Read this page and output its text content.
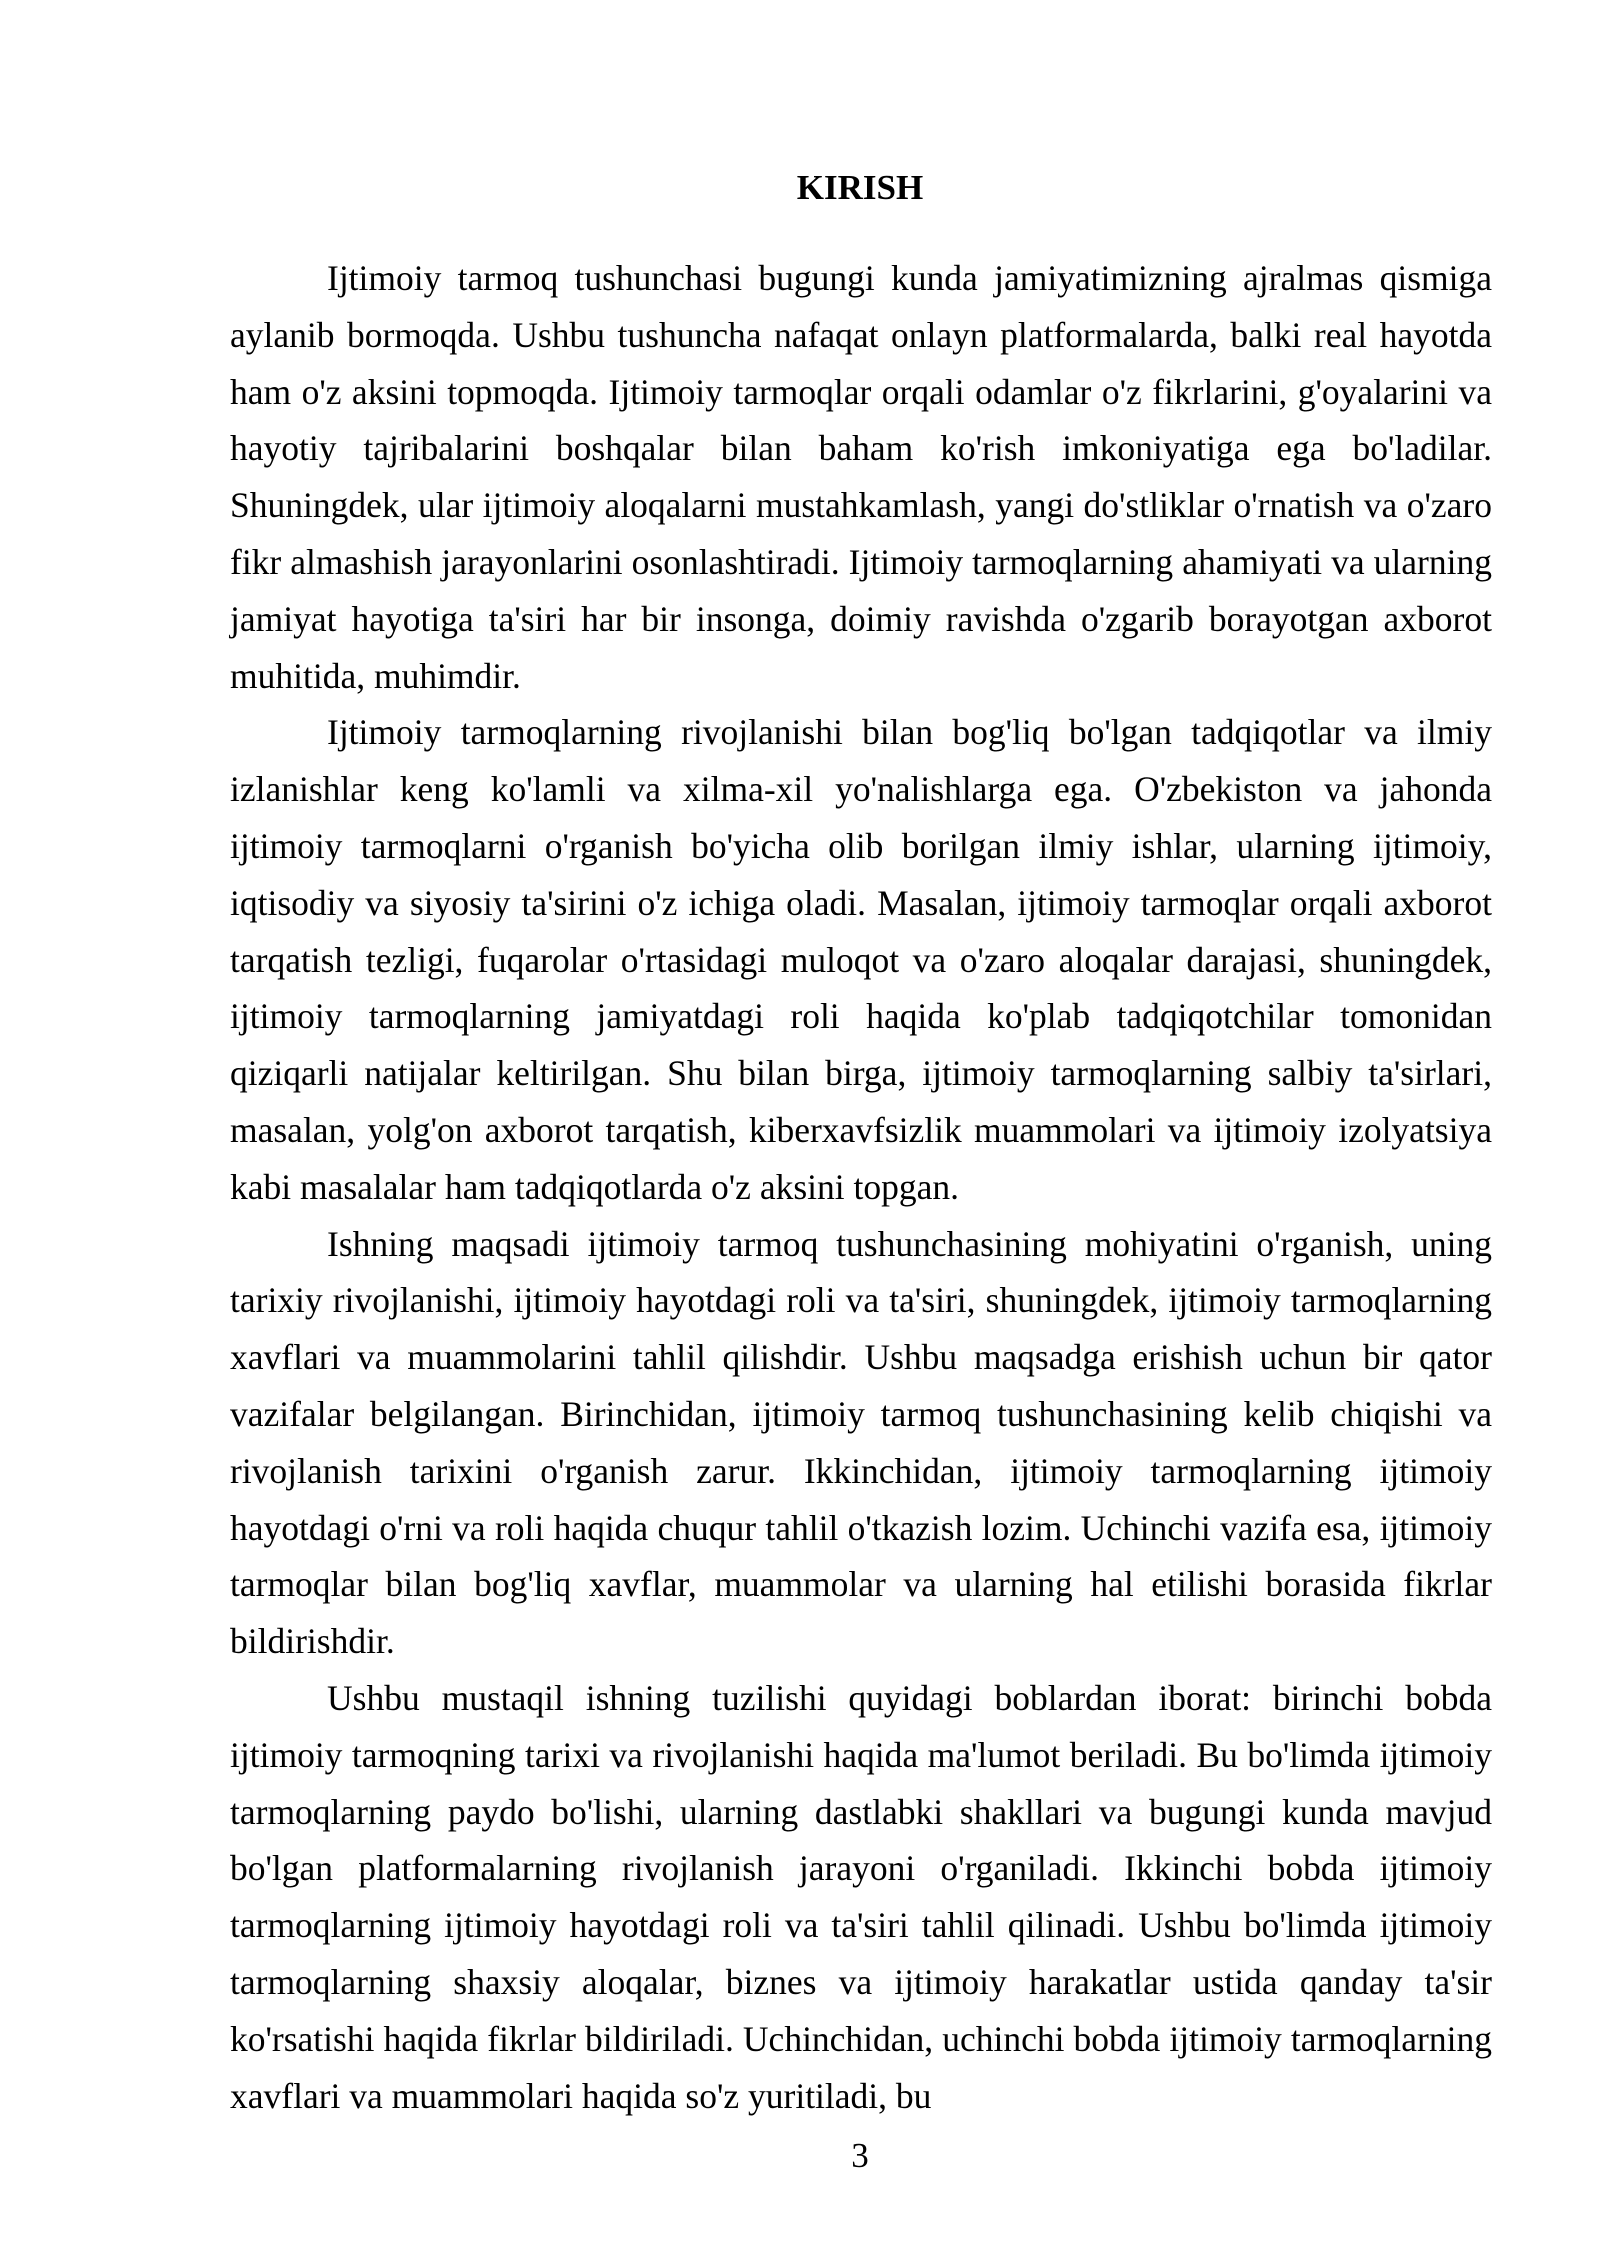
KIRISH

Ijtimoiy tarmoq tushunchasi bugungi kunda jamiyatimizning ajralmas qismiga aylanib bormoqda. Ushbu tushuncha nafaqat onlayn platformalarda, balki real hayotda ham o'z aksini topmoqda. Ijtimoiy tarmoqlar orqali odamlar o'z fikrlarini, g'oyalarini va hayotiy tajribalarini boshqalar bilan baham ko'rish imkoniyatiga ega bo'ladilar. Shuningdek, ular ijtimoiy aloqalarni mustahkamlash, yangi do'stliklar o'rnatish va o'zaro fikr almashish jarayonlarini osonlashtiradi. Ijtimoiy tarmoqlarning ahamiyati va ularning jamiyat hayotiga ta'siri har bir insonga, doimiy ravishda o'zgarib borayotgan axborot muhitida, muhimdir.

Ijtimoiy tarmoqlarning rivojlanishi bilan bog'liq bo'lgan tadqiqotlar va ilmiy izlanishlar keng ko'lamli va xilma-xil yo'nalishlarga ega. O'zbekiston va jahonda ijtimoiy tarmoqlarni o'rganish bo'yicha olib borilgan ilmiy ishlar, ularning ijtimoiy, iqtisodiy va siyosiy ta'sirini o'z ichiga oladi. Masalan, ijtimoiy tarmoqlar orqali axborot tarqatish tezligi, fuqarolar o'rtasidagi muloqot va o'zaro aloqalar darajasi, shuningdek, ijtimoiy tarmoqlarning jamiyatdagi roli haqida ko'plab tadqiqotchilar tomonidan qiziqarli natijalar keltirilgan. Shu bilan birga, ijtimoiy tarmoqlarning salbiy ta'sirlari, masalan, yolg'on axborot tarqatish, kiberxavfsizlik muammolari va ijtimoiy izolyatsiya kabi masalalar ham tadqiqotlarda o'z aksini topgan.

Ishning maqsadi ijtimoiy tarmoq tushunchasining mohiyatini o'rganish, uning tarixiy rivojlanishi, ijtimoiy hayotdagi roli va ta'siri, shuningdek, ijtimoiy tarmoqlarning xavflari va muammolarini tahlil qilishdir. Ushbu maqsadga erishish uchun bir qator vazifalar belgilangan. Birinchidan, ijtimoiy tarmoq tushunchasining kelib chiqishi va rivojlanish tarixini o'rganish zarur. Ikkinchidan, ijtimoiy tarmoqlarning ijtimoiy hayotdagi o'rni va roli haqida chuqur tahlil o'tkazish lozim. Uchinchi vazifa esa, ijtimoiy tarmoqlar bilan bog'liq xavflar, muammolar va ularning hal etilishi borasida fikrlar bildirishdir.

Ushbu mustaqil ishning tuzilishi quyidagi boblardan iborat: birinchi bobda ijtimoiy tarmoqning tarixi va rivojlanishi haqida ma'lumot beriladi. Bu bo'limda ijtimoiy tarmoqlarning paydo bo'lishi, ularning dastlabki shakllari va bugungi kunda mavjud bo'lgan platformalarning rivojlanish jarayoni o'rganiladi. Ikkinchi bobda ijtimoiy tarmoqlarning ijtimoiy hayotdagi roli va ta'siri tahlil qilinadi. Ushbu bo'limda ijtimoiy tarmoqlarning shaxsiy aloqalar, biznes va ijtimoiy harakatlar ustida qanday ta'sir ko'rsatishi haqida fikrlar bildiriladi. Uchinchidan, uchinchi bobda ijtimoiy tarmoqlarning xavflari va muammolari haqida so'z yuritiladi, bu

3
